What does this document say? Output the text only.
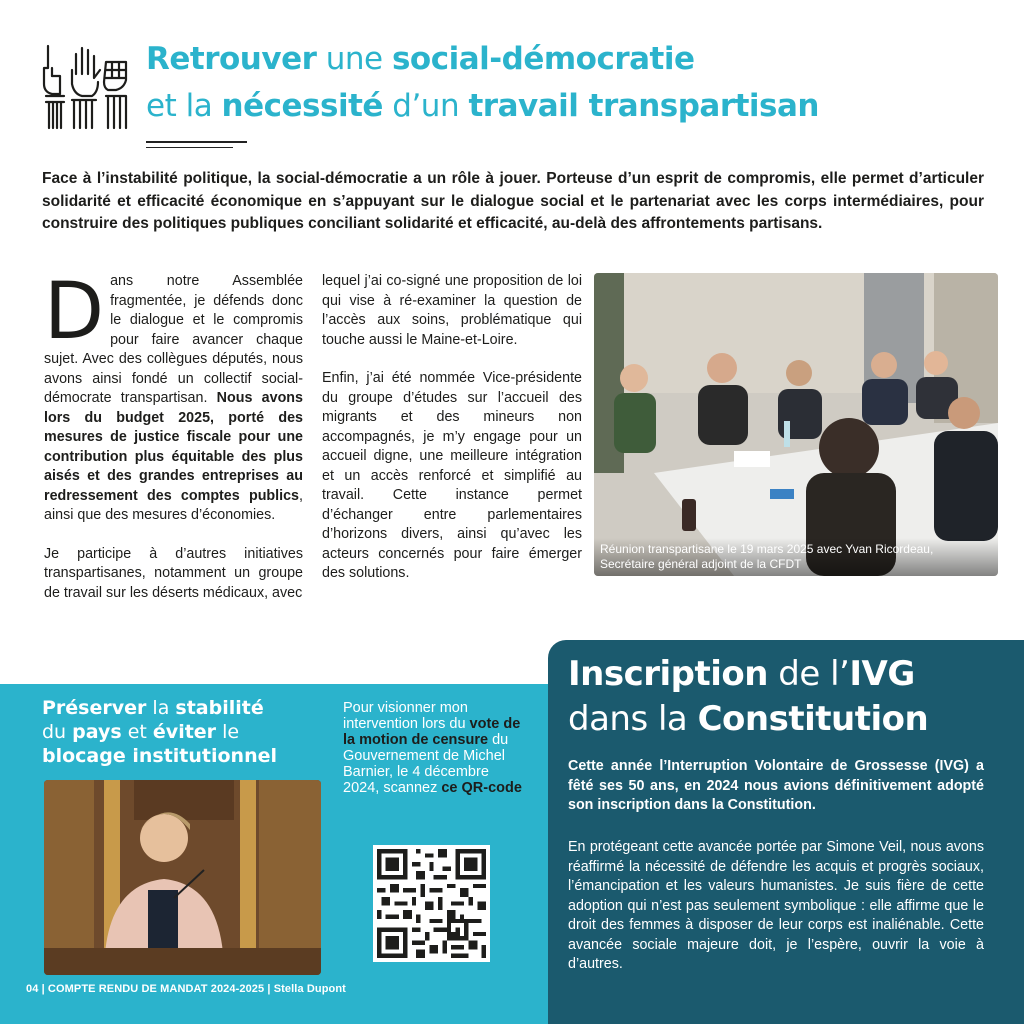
Retrouver une social-démocratie
et la nécessité d’un travail transpartisan

Face à l’instabilité politique, la social-démocratie a un rôle à jouer. Porteuse d’un esprit de compromis, elle permet d’articuler solidarité et efficacité économique en s’appuyant sur le dialogue social et le partenariat avec les corps intermédiaires, pour construire des politiques publiques conciliant solidarité et efficacité, au-delà des affrontements partisans.

Dans notre Assemblée fragmentée, je défends donc le dialogue et le compromis pour faire avancer chaque sujet. Avec des collègues députés, nous avons ainsi fondé un collectif social-démocrate transpartisan. Nous avons lors du budget 2025, porté des mesures de justice fiscale pour une contribution plus équitable des plus aisés et des grandes entreprises au redressement des comptes publics, ainsi que des mesures d’économies.

Je participe à d’autres initiatives transpartisanes, notamment un groupe de travail sur les déserts médicaux, avec

lequel j’ai co-signé une proposition de loi qui vise à ré-examiner la question de l’accès aux soins, problématique qui touche aussi le Maine-et-Loire.

Enfin, j’ai été nommée Vice-présidente du groupe d’études sur l’accueil des migrants et des mineurs non accompagnés, je m’y engage pour un accueil digne, une meilleure intégration et un accès renforcé et simplifié au travail. Cette instance permet d’échanger entre parlementaires d’horizons divers, ainsi qu’avec les acteurs concernés pour faire émerger des solutions.

Réunion transpartisane le 19 mars 2025 avec Yvan Ricordeau,
Secrétaire général adjoint de la CFDT
Préserver la stabilité
du pays et éviter le
blocage institutionnel
Pour visionner mon intervention lors du vote de la motion de censure du Gouvernement de Michel Barnier, le 4 décembre 2024, scannez ce QR-code
04 | COMPTE RENDU DE MANDAT 2024-2025 | Stella Dupont
Inscription de l’IVG
dans la Constitution

Cette année l’Interruption Volontaire de Grossesse (IVG) a fêté ses 50 ans, en 2024 nous avions définitivement adopté son inscription dans la Constitution.

En protégeant cette avancée portée par Simone Veil, nous avons réaffirmé la nécessité de défendre les acquis et progrès sociaux, l’émancipation et les valeurs humanistes. Je suis fière de cette adoption qui n’est pas seulement symbolique : elle affirme que le droit des femmes à disposer de leur corps est inaliénable. Cette avancée sociale majeure doit, je l’espère, ouvrir la voie à d’autres.
